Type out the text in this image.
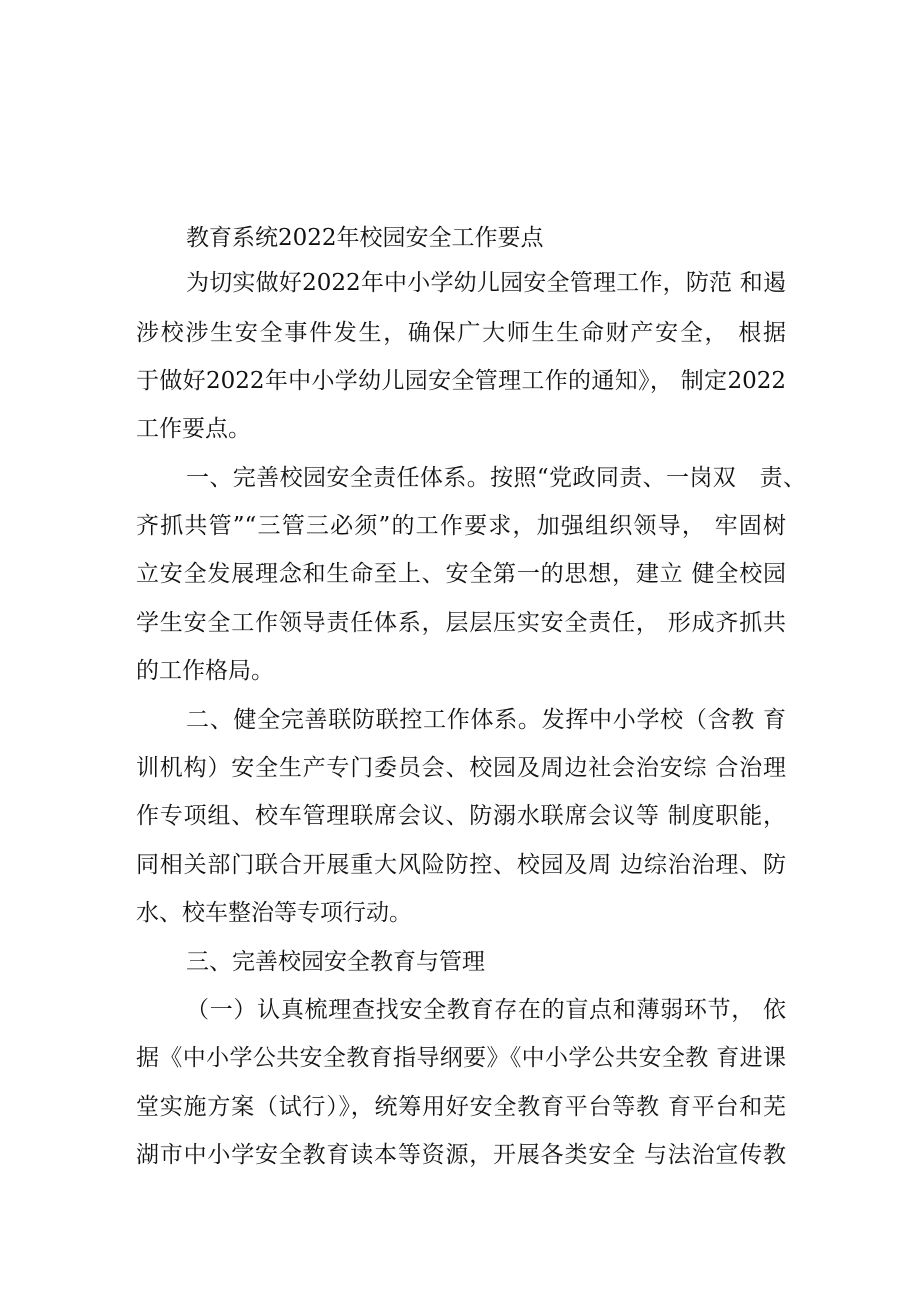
教育系统2022年校园安全工作要点
为切实做好2022年中小学幼儿园安全管理工作，防范 和遏
涉校涉生安全事件发生，确保广大师生生命财产安全， 根据
于做好2022年中小学幼儿园安全管理工作的通知》， 制定2022
工作要点。
一、完善校园安全责任体系。按照“党政同责、一岗双　责、
齐抓共管”“三管三必须”的工作要求，加强组织领导， 牢固树
立安全发展理念和生命至上、安全第一的思想，建立 健全校园
学生安全工作领导责任体系，层层压实安全责任， 形成齐抓共
的工作格局。
二、健全完善联防联控工作体系。发挥中小学校（含教 育
训机构）安全生产专门委员会、校园及周边社会治安综 合治理
作专项组、校车管理联席会议、防溺水联席会议等 制度职能，
同相关部门联合开展重大风险防控、校园及周 边综治治理、防
水、校车整治等专项行动。
三、完善校园安全教育与管理
（一）认真梳理查找安全教育存在的盲点和薄弱环节， 依
据《中小学公共安全教育指导纲要》《中小学公共安全教 育进课
堂实施方案（试行）》，统筹用好安全教育平台等教 育平台和芜
湖市中小学安全教育读本等资源，开展各类安全 与法治宣传教
